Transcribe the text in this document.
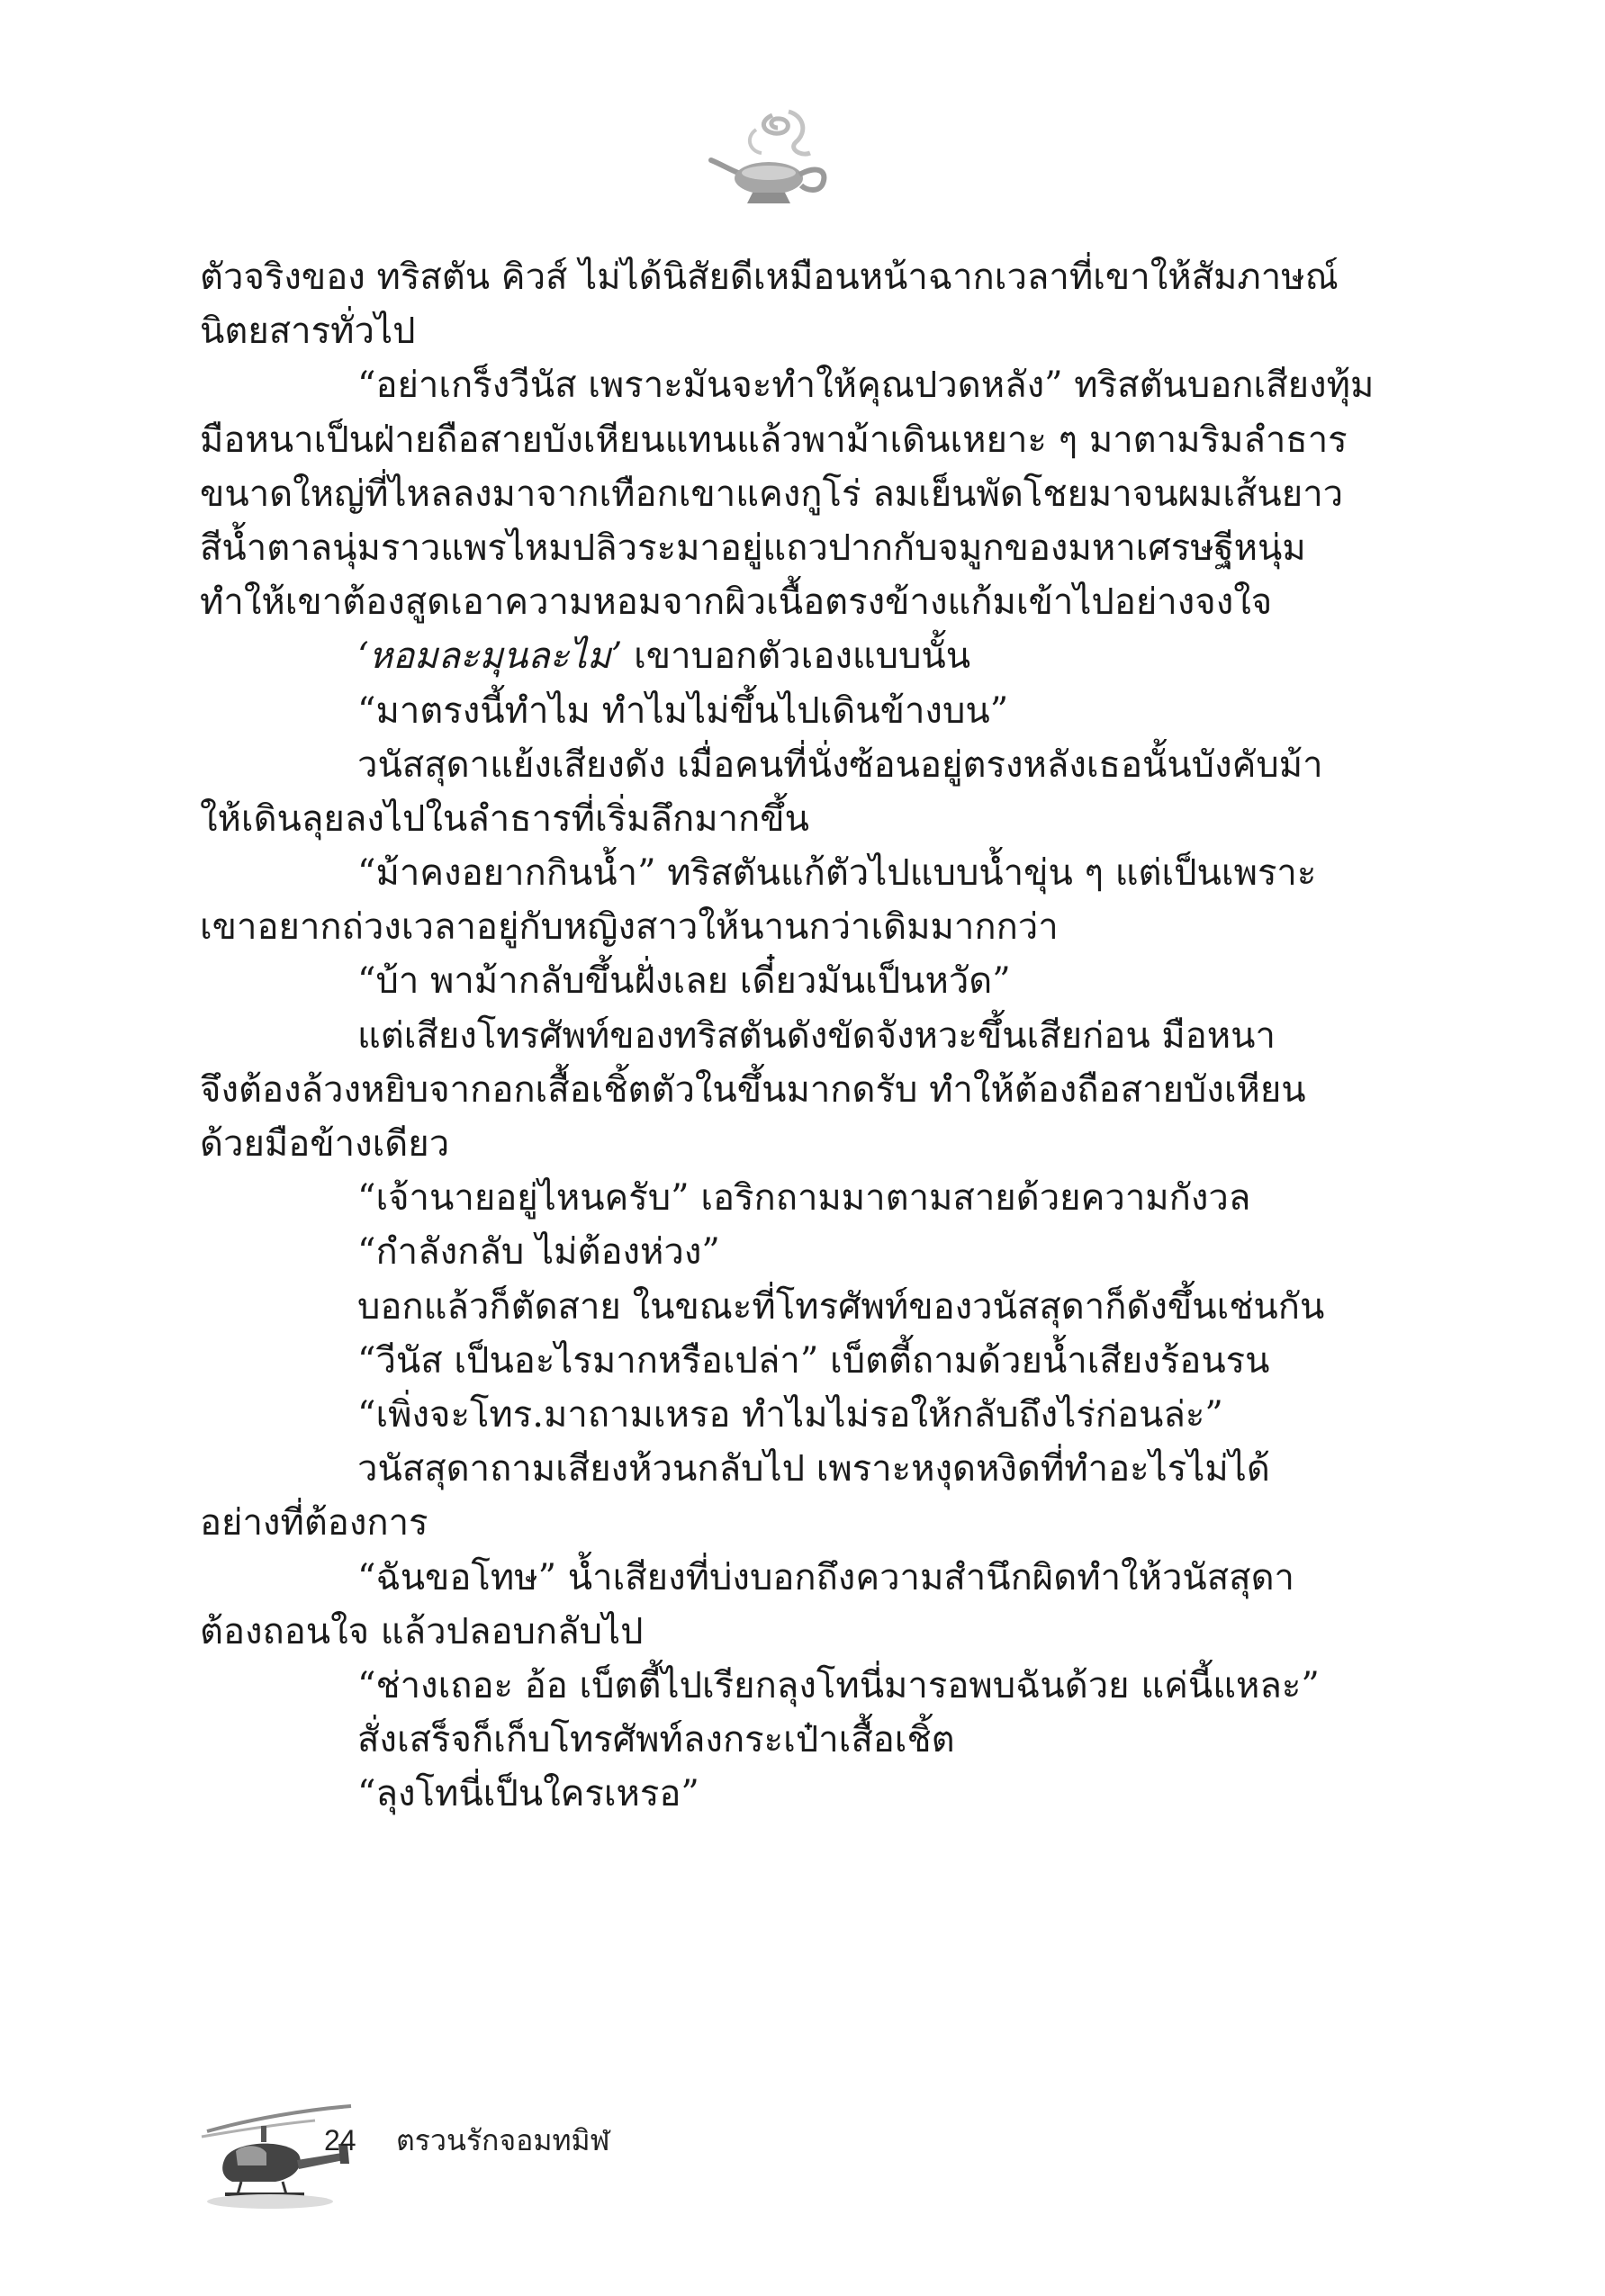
ตัวจริงของ ทริสตัน คิวส์ ไม่ได้นิสัยดีเหมือนหน้าฉากเวลาที่เขาให้สัมภาษณ์
นิตยสารทั่วไป
“อย่าเกร็งวีนัส เพราะมันจะทำให้คุณปวดหลัง” ทริสตันบอกเสียงทุ้ม
มือหนาเป็นฝ่ายถือสายบังเหียนแทนแล้วพาม้าเดินเหยาะ ๆ มาตามริมลำธาร
ขนาดใหญ่ที่ไหลลงมาจากเทือกเขาแคงกูโร่ ลมเย็นพัดโชยมาจนผมเส้นยาว
สีน้ำตาลนุ่มราวแพรไหมปลิวระมาอยู่แถวปากกับจมูกของมหาเศรษฐีหนุ่ม
ทำให้เขาต้องสูดเอาความหอมจากผิวเนื้อตรงข้างแก้มเข้าไปอย่างจงใจ
‘หอมละมุนละไม’ เขาบอกตัวเองแบบนั้น
“มาตรงนี้ทำไม ทำไมไม่ขึ้นไปเดินข้างบน”
วนัสสุดาแย้งเสียงดัง เมื่อคนที่นั่งซ้อนอยู่ตรงหลังเธอนั้นบังคับม้า
ให้เดินลุยลงไปในลำธารที่เริ่มลึกมากขึ้น
“ม้าคงอยากกินน้ำ” ทริสตันแก้ตัวไปแบบน้ำขุ่น ๆ แต่เป็นเพราะ
เขาอยากถ่วงเวลาอยู่กับหญิงสาวให้นานกว่าเดิมมากกว่า
“บ้า พาม้ากลับขึ้นฝั่งเลย เดี๋ยวมันเป็นหวัด”
แต่เสียงโทรศัพท์ของทริสตันดังขัดจังหวะขึ้นเสียก่อน มือหนา
จึงต้องล้วงหยิบจากอกเสื้อเชิ้ตตัวในขึ้นมากดรับ ทำให้ต้องถือสายบังเหียน
ด้วยมือข้างเดียว
“เจ้านายอยู่ไหนครับ” เอริกถามมาตามสายด้วยความกังวล
“กำลังกลับ ไม่ต้องห่วง”
บอกแล้วก็ตัดสาย ในขณะที่โทรศัพท์ของวนัสสุดาก็ดังขึ้นเช่นกัน
“วีนัส เป็นอะไรมากหรือเปล่า” เบ็ตตี้ถามด้วยน้ำเสียงร้อนรน
“เพิ่งจะโทร.มาถามเหรอ ทำไมไม่รอให้กลับถึงไร่ก่อนล่ะ”
วนัสสุดาถามเสียงห้วนกลับไป เพราะหงุดหงิดที่ทำอะไรไม่ได้
อย่างที่ต้องการ
“ฉันขอโทษ” น้ำเสียงที่บ่งบอกถึงความสำนึกผิดทำให้วนัสสุดา
ต้องถอนใจ แล้วปลอบกลับไป
“ช่างเถอะ อ้อ เบ็ตตี้ไปเรียกลุงโทนี่มารอพบฉันด้วย แค่นี้แหละ”
สั่งเสร็จก็เก็บโทรศัพท์ลงกระเป๋าเสื้อเชิ้ต
“ลุงโทนี่เป็นใครเหรอ”
24 ตรวนรักจอมทมิฬ
